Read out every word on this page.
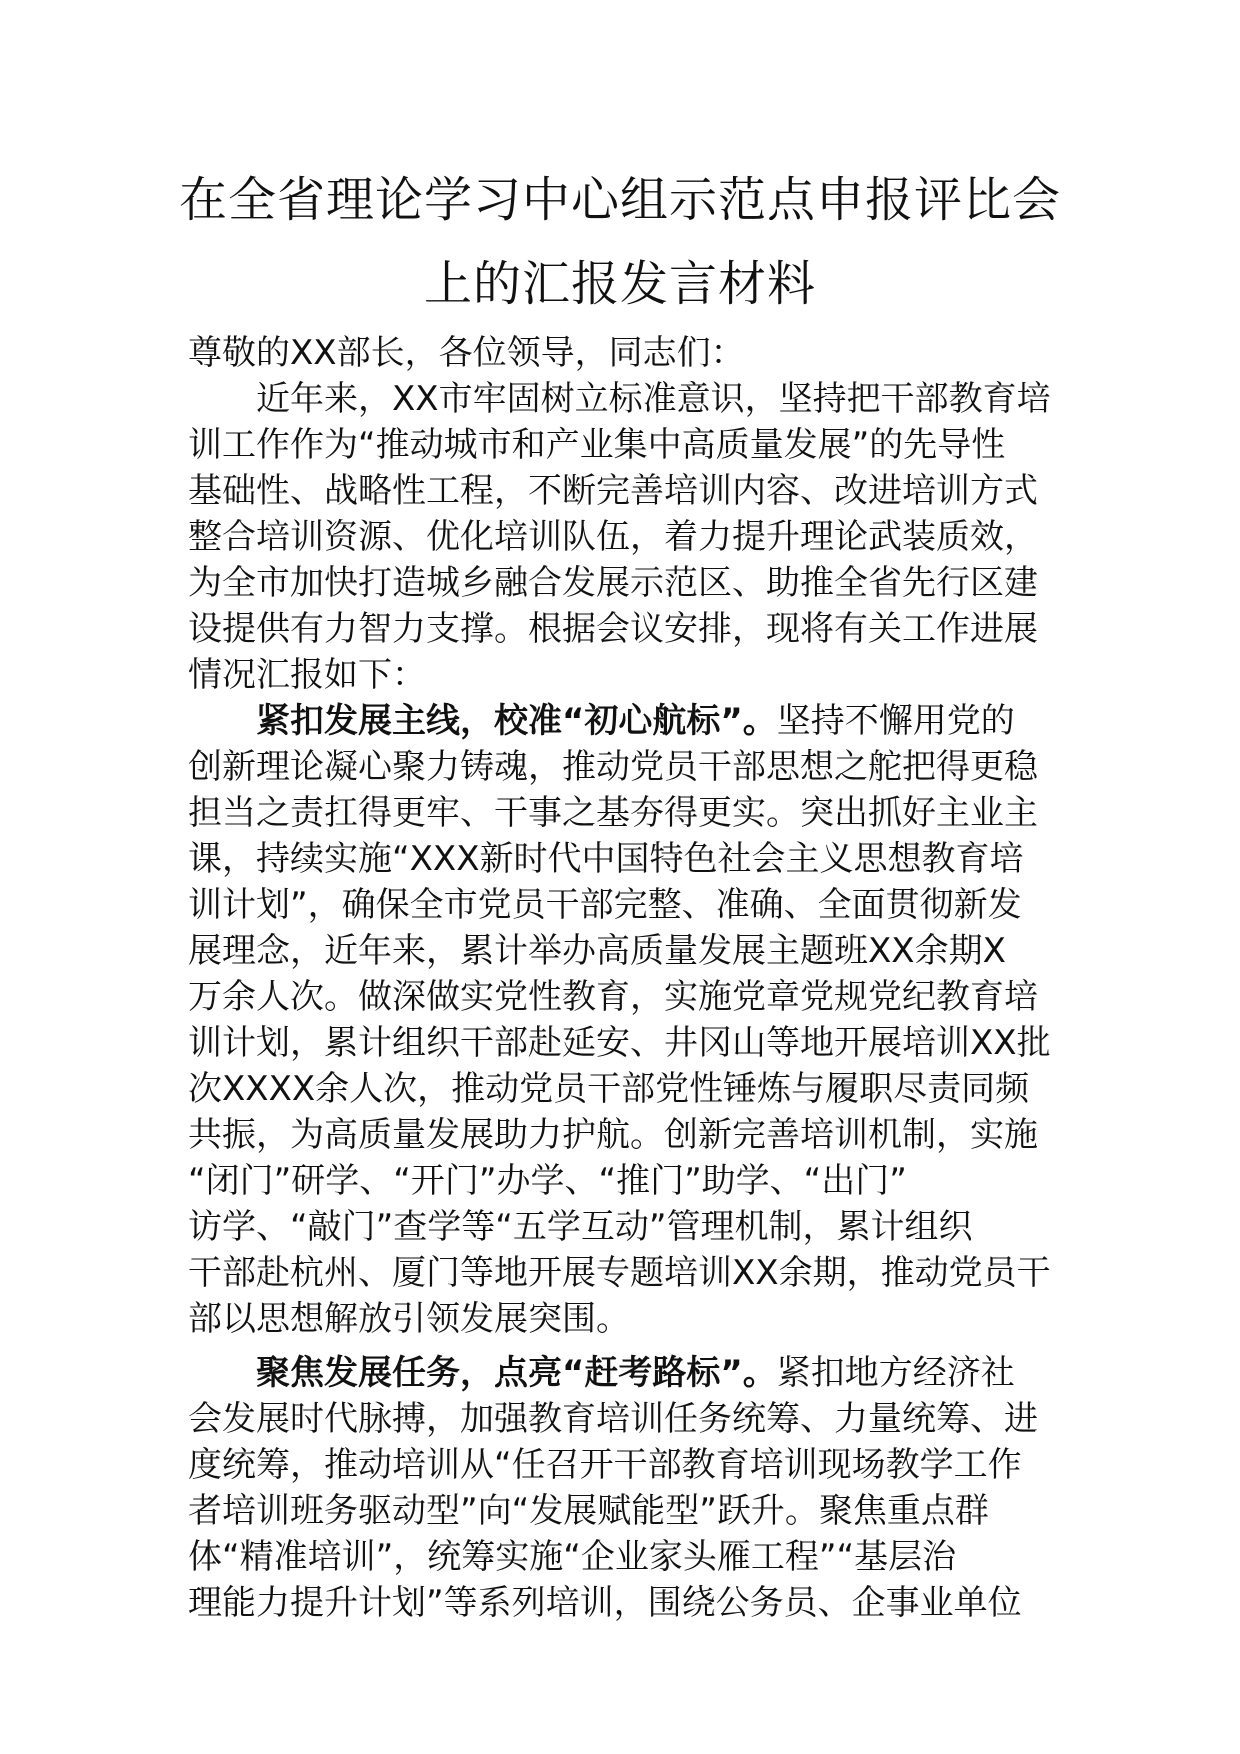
在全省理论学习中心组示范点申报评比会
上的汇报发言材料
尊敬的XX部长，各位领导，同志们：
近年来，XX市牢固树立标准意识，坚持把干部教育培
训工作作为“推动城市和产业集中高质量发展”的先导性
基础性、战略性工程，不断完善培训内容、改进培训方式
整合培训资源、优化培训队伍，着力提升理论武装质效，
为全市加快打造城乡融合发展示范区、助推全省先行区建
设提供有力智力支撑。根据会议安排，现将有关工作进展
情况汇报如下：
紧扣发展主线，校准“初心航标”。坚持不懈用党的
创新理论凝心聚力铸魂，推动党员干部思想之舵把得更稳
担当之责扛得更牢、干事之基夯得更实。突出抓好主业主
课，持续实施“XXX新时代中国特色社会主义思想教育培
训计划”，确保全市党员干部完整、准确、全面贯彻新发
展理念，近年来，累计举办高质量发展主题班XX余期X
万余人次。做深做实党性教育，实施党章党规党纪教育培
训计划，累计组织干部赴延安、井冈山等地开展培训XX批
次XXXX余人次，推动党员干部党性锤炼与履职尽责同频
共振，为高质量发展助力护航。创新完善培训机制，实施
“闭门”研学、“开门”办学、“推门”助学、“出门”
访学、“敲门”查学等“五学互动”管理机制，累计组织
干部赴杭州、厦门等地开展专题培训XX余期，推动党员干
部以思想解放引领发展突围。
聚焦发展任务，点亮“赶考路标”。紧扣地方经济社
会发展时代脉搏，加强教育培训任务统筹、力量统筹、进
度统筹，推动培训从“任召开干部教育培训现场教学工作
者培训班务驱动型”向“发展赋能型”跃升。聚焦重点群
体“精准培训”，统筹实施“企业家头雁工程”“基层治
理能力提升计划”等系列培训，围绕公务员、企事业单位
